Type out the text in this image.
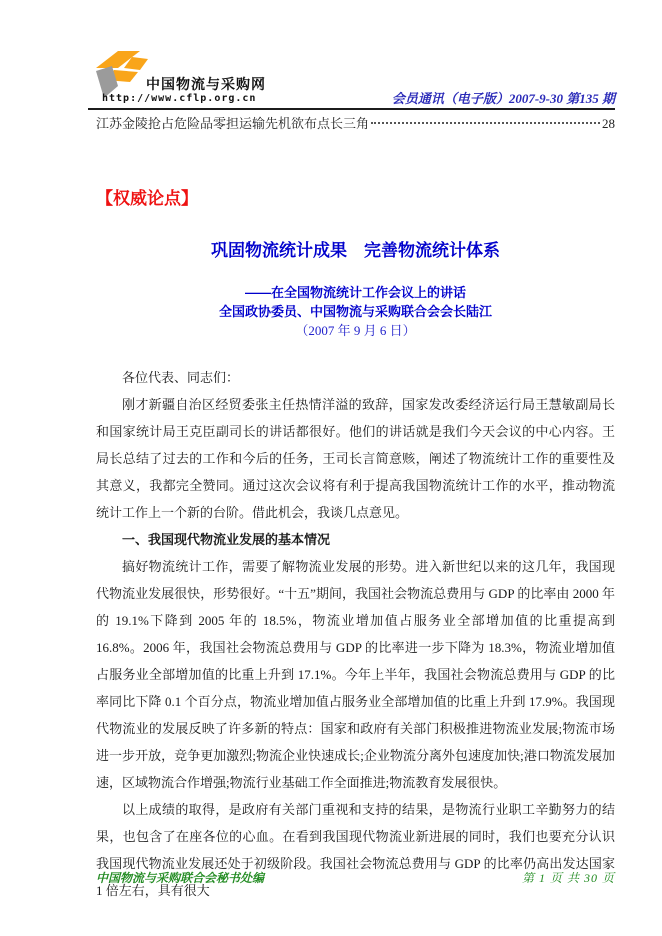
中国物流与采购网
http://www.cflp.org.cn	会员通讯（电子版）2007-9-30 第135 期
江苏金陵抢占危险品零担运输先机欲布点长三角	28
【权威论点】
巩固物流统计成果　完善物流统计体系
——在全国物流统计工作会议上的讲话
全国政协委员、中国物流与采购联合会会长陆江
（2007 年 9 月 6 日）

各位代表、同志们：

刚才新疆自治区经贸委张主任热情洋溢的致辞，国家发改委经济运行局王慧敏副局长和国家统计局王克臣副司长的讲话都很好。他们的讲话就是我们今天会议的中心内容。王局长总结了过去的工作和今后的任务，王司长言简意赅，阐述了物流统计工作的重要性及其意义，我都完全赞同。通过这次会议将有利于提高我国物流统计工作的水平，推动物流统计工作上一个新的台阶。借此机会，我谈几点意见。

一、我国现代物流业发展的基本情况

搞好物流统计工作，需要了解物流业发展的形势。进入新世纪以来的这几年，我国现代物流业发展很快，形势很好。“十五”期间，我国社会物流总费用与 GDP 的比率由 2000 年的 19.1%下降到 2005 年的 18.5%，物流业增加值占服务业全部增加值的比重提高到 16.8%。2006 年，我国社会物流总费用与 GDP 的比率进一步下降为 18.3%，物流业增加值占服务业全部增加值的比重上升到 17.1%。今年上半年，我国社会物流总费用与 GDP 的比率同比下降 0.1 个百分点，物流业增加值占服务业全部增加值的比重上升到 17.9%。我国现代物流业的发展反映了许多新的特点：国家和政府有关部门积极推进物流业发展;物流市场进一步开放，竞争更加激烈;物流企业快速成长;企业物流分离外包速度加快;港口物流发展加速，区域物流合作增强;物流行业基础工作全面推进;物流教育发展很快。

以上成绩的取得，是政府有关部门重视和支持的结果，是物流行业职工辛勤努力的结果，也包含了在座各位的心血。在看到我国现代物流业新进展的同时，我们也要充分认识我国现代物流业发展还处于初级阶段。我国社会物流总费用与 GDP 的比率仍高出发达国家 1 倍左右，具有很大

中国物流与采购联合会秘书处编	第 1 页 共 30 页
